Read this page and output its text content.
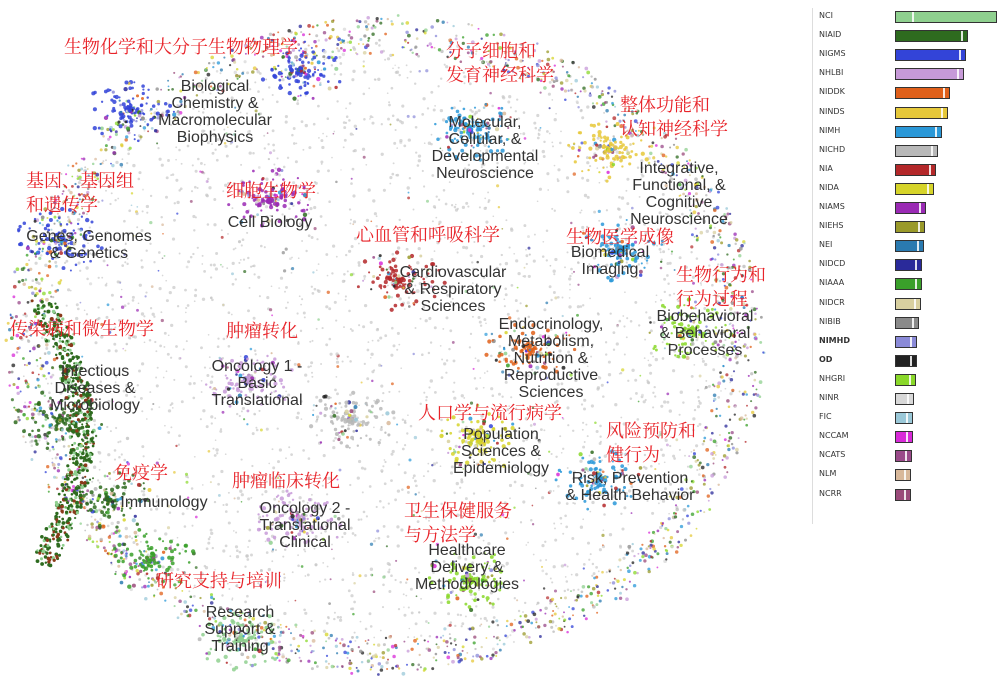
Biological
Chemistry &
Macromolecular
Biophysics
Molecular,
Cellular, &
Developmental
Neuroscience	Integrative,
Functional, &
Cognitive
Neuroscience
Genes, Genomes
& Genetics
Cell Biology
Cardiovascular
& Respiratory
Sciences
Biomedical
Imaging
Endocrinology,
Metabolism,
Nutrition &
Reproductive
Sciences
Biobehavioral
& Behavioral
Processes
Infectious
Diseases &
Microbiology
Oncology 1 -
Basic
Translational
Population
Sciences &
Epidemiology
Risk, Prevention
& Health Behavior
Immunology	Oncology 2 -
Translational
Clinical	Healthcare
Delivery &
Methodologies
Research
Support &
Training
生物化学和大分子生物物理学	分子细胞和
发育神经科学
整体功能和
认知神经科学
基因、基因组
和遗传学
细胞生物学
心血管和呼吸科学	生物医学成像
生物行为和
行为过程
传染病和微生物学	肿瘤转化
人口学与流行病学
风险预防和
健行为
免疫学	肿瘤临床转化
卫生保健服务
与方法学
研究支持与培训
NCI
NIAID
NIGMS
NHLBI
NIDDK
NINDS
NIMH
NICHD
NIA
NIDA
NIAMS
NIEHS
NEI
NIDCD
NIAAA
NIDCR
NIBIB
NIMHD
OD
NHGRI
NINR
FIC
NCCAM
NCATS
NLM
NCRR
